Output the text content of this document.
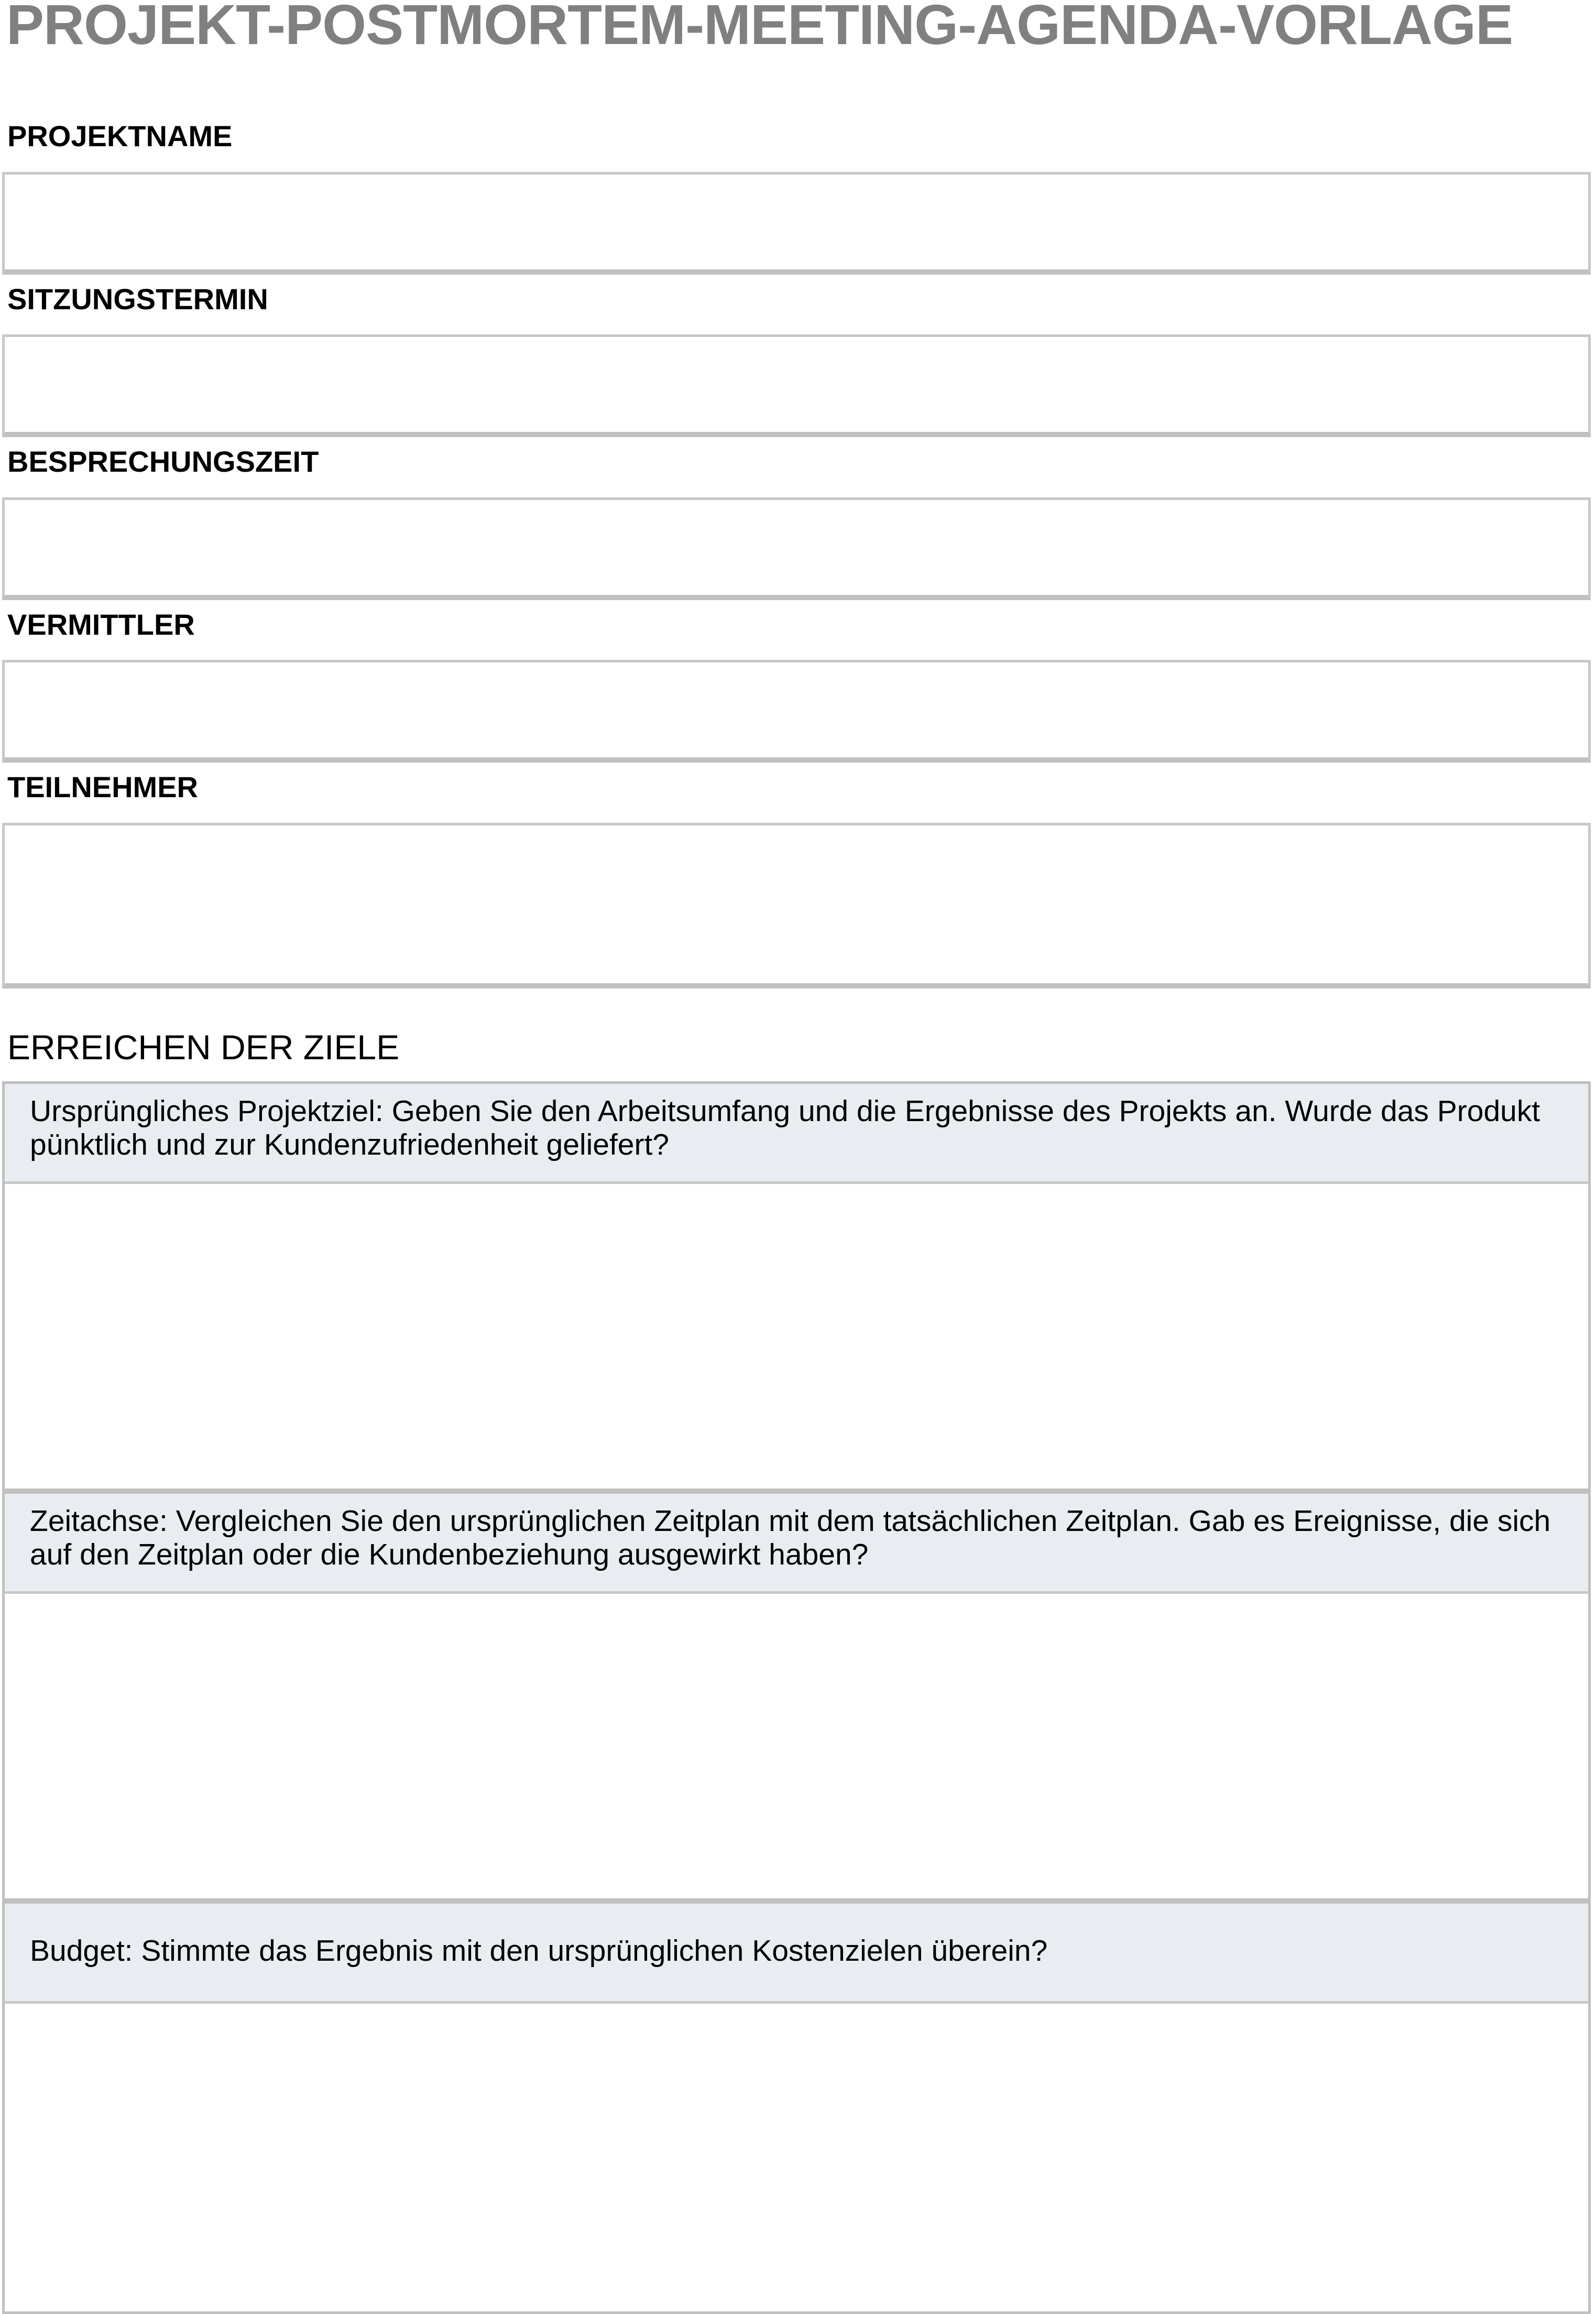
PROJEKT-POSTMORTEM-MEETING-AGENDA-VORLAGE
PROJEKTNAME
SITZUNGSTERMIN
BESPRECHUNGSZEIT
VERMITTLER
TEILNEHMER
ERREICHEN DER ZIELE
Ursprüngliches Projektziel: Geben Sie den Arbeitsumfang und die Ergebnisse des Projekts an. Wurde das Produkt pünktlich und zur Kundenzufriedenheit geliefert?
Zeitachse: Vergleichen Sie den ursprünglichen Zeitplan mit dem tatsächlichen Zeitplan. Gab es Ereignisse, die sich auf den Zeitplan oder die Kundenbeziehung ausgewirkt haben?
Budget: Stimmte das Ergebnis mit den ursprünglichen Kostenzielen überein?
